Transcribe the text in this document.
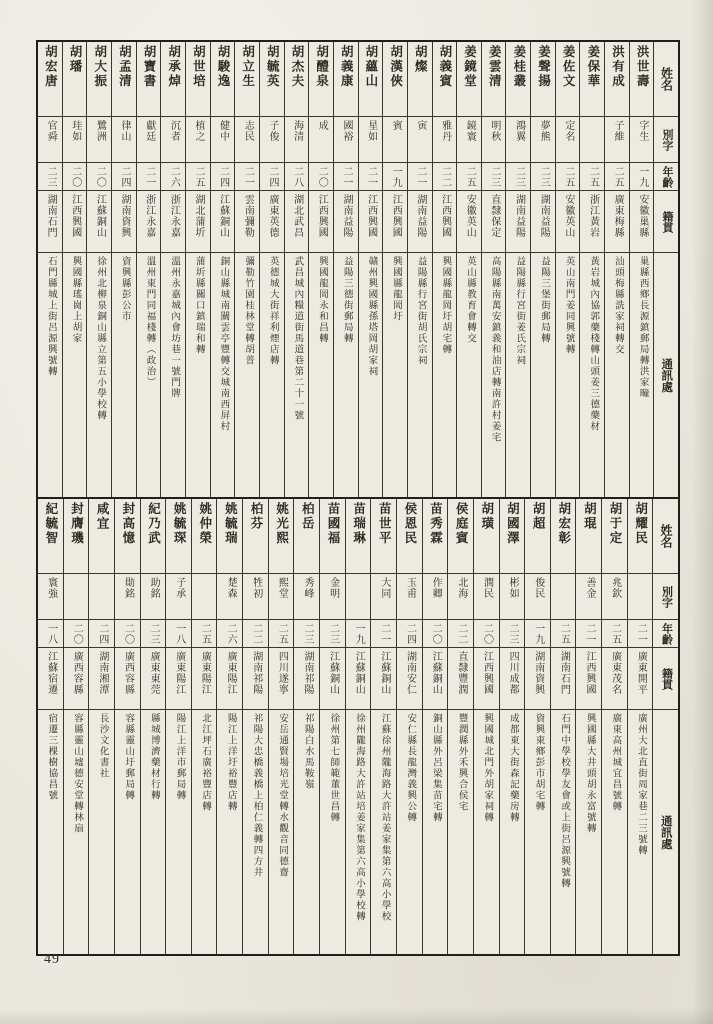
胡宏唐
官舜
二三
湖南石門
石門縣城上街呂源興號轉
胡璠
珪如
二〇
江西興國
興國縣瑤崗上胡家
胡大振
鷺洲
二〇
江蘇銅山
徐州北柳泉銅山縣立第五小學校轉
胡孟清
律山
二四
湖南資興
資興縣彭公市
胡寶書
獻廷
二一
浙江永嘉
溫州東門同福棧轉（政治）
胡承焯
沉者
二六
浙江永嘉
溫州永嘉城內會坊巷一號門牌
胡世培
植之
二五
湖北蒲圻
蒲圻縣關口鎮瑞和轉
胡駿逸
健中
二四
江蘇銅山
銅山縣城南關雲亭豐轉交城南西屏村
胡立生
志民
二一
雲南彌勒
彌勒竹園桂林堂轉胡普
胡毓英
子俊
二四
廣東英德
英德城大街祥利煙店轉
胡杰夫
海清
二八
湖北武昌
武昌城內糧道街馬道巷第二十一號
胡醴泉
成
二〇
江西興國
興國龍岡永和昌轉
胡義康
國裕
二一
湖南益陽
益陽三德街郵局轉
胡蘊山
星如
二一
江西興國
贛州興國縣孫塔岡胡家祠
胡漢俠
賓
一九
江西興國
興國縣龍岡圩
胡燦
寅
二一
湖南益陽
益陽縣行宮街胡氏宗祠
胡義賓
雅丹
二二
江西興國
興國縣龍岡圩胡宅轉
姜鏡堂
鏡寰
二五
安徽英山
英山縣教育會轉交
姜雲清
明秋
二三
直隸保定
高陽縣南萬安鎮義和油店轉南許村姜宅
姜桂叢
鴻翼
二三
湖南益陽
益陽縣行宮街姜氏宗祠
姜聲揚
夢熊
二三
湖南益陽
益陽三堡街郵局轉
姜佐文
定名
二五
安徽英山
英山南門姜同興號轉
姜保華
二五
浙江黃岩
黃岩城內協郭藥棧轉山頭姜三德藥材
洪有成
子維
二五
廣東梅縣
汕頭梅縣詵家祠轉交
洪世壽
字生
一九
安徽巢縣
巢縣西鄉長源鎮郵局轉洪家疃
姓名
別字
年齡
籍貫
通訊處
紀毓智
寰強
一八
江蘇宿遷
宿遷三棵樹協昌號
封膺璣
二〇
廣西容縣
容縣靈山墟德安堂轉林扇
咸宜
二四
湖南湘潭
長沙文化書社
封高憶
勛銘
二〇
廣西容縣
容縣靈山圩郵局轉
紀乃武
助銘
二三
廣東東莞
縣城博濟藥材行轉
姚毓琛
子承
一八
廣東陽江
陽江上洋市郵局轉
姚仲榮
二五
廣東陽江
北江坪石廣裕豐店轉
姚毓瑞
楚森
二六
廣東陽江
陽江上洋圩裕豐店轉
柏芬
牲初
二二
湖南祁陽
祁陽大忠橋義橋上柏仁義轉四方井
姚光熙
熙堂
二五
四川遂寧
安岳通賢場培光堂轉水觀音同德齋
柏岳
秀峰
二三
湖南祁陽
祁陽白水馬鞍嶺
苗國福
金明
二三
江蘇銅山
徐州第七師範董世昌轉
苗瑞琳
一九
江蘇銅山
徐州隴海路大許站培姜家集第六高小學校轉
苗世平
大同
二一
江蘇銅山
江蘇徐州隴海路大許站姜家集第六高小學校
侯恩民
玉甫
二四
湖南安仁
安仁縣長龍灣義興公轉
苗秀霖
作卿
二〇
江蘇銅山
銅山縣外呂梁集苗宅轉
侯庭賓
北海
二二
直隸豐潤
豐潤縣外禾興合侯宅
胡璜
潤民
二〇
江西興國
興國城北門外胡家祠轉
胡國澤
彬如
二三
四川成都
成都東大街森記藥房轉
胡超
俊民
一九
湖南資興
資興東鄉彭市胡宅轉
胡宏彰
二五
湖南石門
石門中學校學友會或上街呂源興號轉
胡琨
善金
二一
江西興國
興國縣大井頭胡永富號轉
胡于定
兆欽
二五
廣東茂名
廣東高州城宜昌號轉
胡耀民
二一
廣東開平
廣州大北直街周家巷二三號轉
姓名
別字
年齡
籍貫
通訊處
49
